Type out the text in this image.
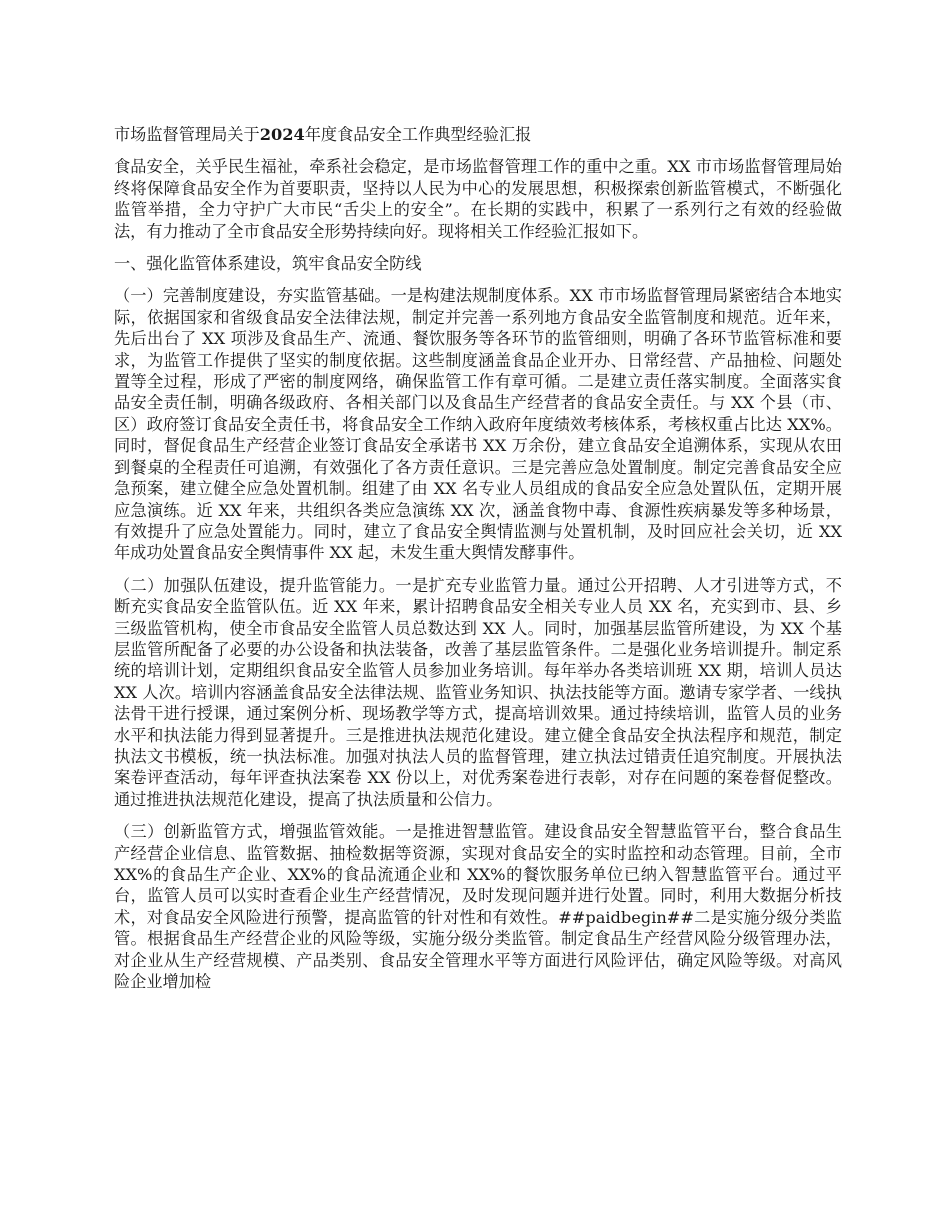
市场监督管理局关于2024年度食品安全工作典型经验汇报

食品安全，关乎民生福祉，牵系社会稳定，是市场监督管理工作的重中之重。XX 市市场监督管理局始终将保障食品安全作为首要职责，坚持以人民为中心的发展思想，积极探索创新监管模式，不断强化监管举措，全力守护广大市民“舌尖上的安全”。在长期的实践中，积累了一系列行之有效的经验做法，有力推动了全市食品安全形势持续向好。现将相关工作经验汇报如下。

一、强化监管体系建设，筑牢食品安全防线

（一）完善制度建设，夯实监管基础。一是构建法规制度体系。XX 市市场监督管理局紧密结合本地实际，依据国家和省级食品安全法律法规，制定并完善一系列地方食品安全监管制度和规范。近年来，先后出台了 XX 项涉及食品生产、流通、餐饮服务等各环节的监管细则，明确了各环节监管标准和要求，为监管工作提供了坚实的制度依据。这些制度涵盖食品企业开办、日常经营、产品抽检、问题处置等全过程，形成了严密的制度网络，确保监管工作有章可循。二是建立责任落实制度。全面落实食品安全责任制，明确各级政府、各相关部门以及食品生产经营者的食品安全责任。与 XX 个县（市、区）政府签订食品安全责任书，将食品安全工作纳入政府年度绩效考核体系，考核权重占比达 XX%。同时，督促食品生产经营企业签订食品安全承诺书 XX 万余份，建立食品安全追溯体系，实现从农田到餐桌的全程责任可追溯，有效强化了各方责任意识。三是完善应急处置制度。制定完善食品安全应急预案，建立健全应急处置机制。组建了由 XX 名专业人员组成的食品安全应急处置队伍，定期开展应急演练。近 XX 年来，共组织各类应急演练 XX 次，涵盖食物中毒、食源性疾病暴发等多种场景，有效提升了应急处置能力。同时，建立了食品安全舆情监测与处置机制，及时回应社会关切，近 XX 年成功处置食品安全舆情事件 XX 起，未发生重大舆情发酵事件。

（二）加强队伍建设，提升监管能力。一是扩充专业监管力量。通过公开招聘、人才引进等方式，不断充实食品安全监管队伍。近 XX 年来，累计招聘食品安全相关专业人员 XX 名，充实到市、县、乡三级监管机构，使全市食品安全监管人员总数达到 XX 人。同时，加强基层监管所建设，为 XX 个基层监管所配备了必要的办公设备和执法装备，改善了基层监管条件。二是强化业务培训提升。制定系统的培训计划，定期组织食品安全监管人员参加业务培训。每年举办各类培训班 XX 期，培训人员达 XX 人次。培训内容涵盖食品安全法律法规、监管业务知识、执法技能等方面。邀请专家学者、一线执法骨干进行授课，通过案例分析、现场教学等方式，提高培训效果。通过持续培训，监管人员的业务水平和执法能力得到显著提升。三是推进执法规范化建设。建立健全食品安全执法程序和规范，制定执法文书模板，统一执法标准。加强对执法人员的监督管理，建立执法过错责任追究制度。开展执法案卷评查活动，每年评查执法案卷 XX 份以上，对优秀案卷进行表彰，对存在问题的案卷督促整改。通过推进执法规范化建设，提高了执法质量和公信力。

（三）创新监管方式，增强监管效能。一是推进智慧监管。建设食品安全智慧监管平台，整合食品生产经营企业信息、监管数据、抽检数据等资源，实现对食品安全的实时监控和动态管理。目前，全市 XX%的食品生产企业、XX%的食品流通企业和 XX%的餐饮服务单位已纳入智慧监管平台。通过平台，监管人员可以实时查看企业生产经营情况，及时发现问题并进行处置。同时，利用大数据分析技术，对食品安全风险进行预警，提高监管的针对性和有效性。##paidbegin##二是实施分级分类监管。根据食品生产经营企业的风险等级，实施分级分类监管。制定食品生产经营风险分级管理办法，对企业从生产经营规模、产品类别、食品安全管理水平等方面进行风险评估，确定风险等级。对高风险企业增加检
